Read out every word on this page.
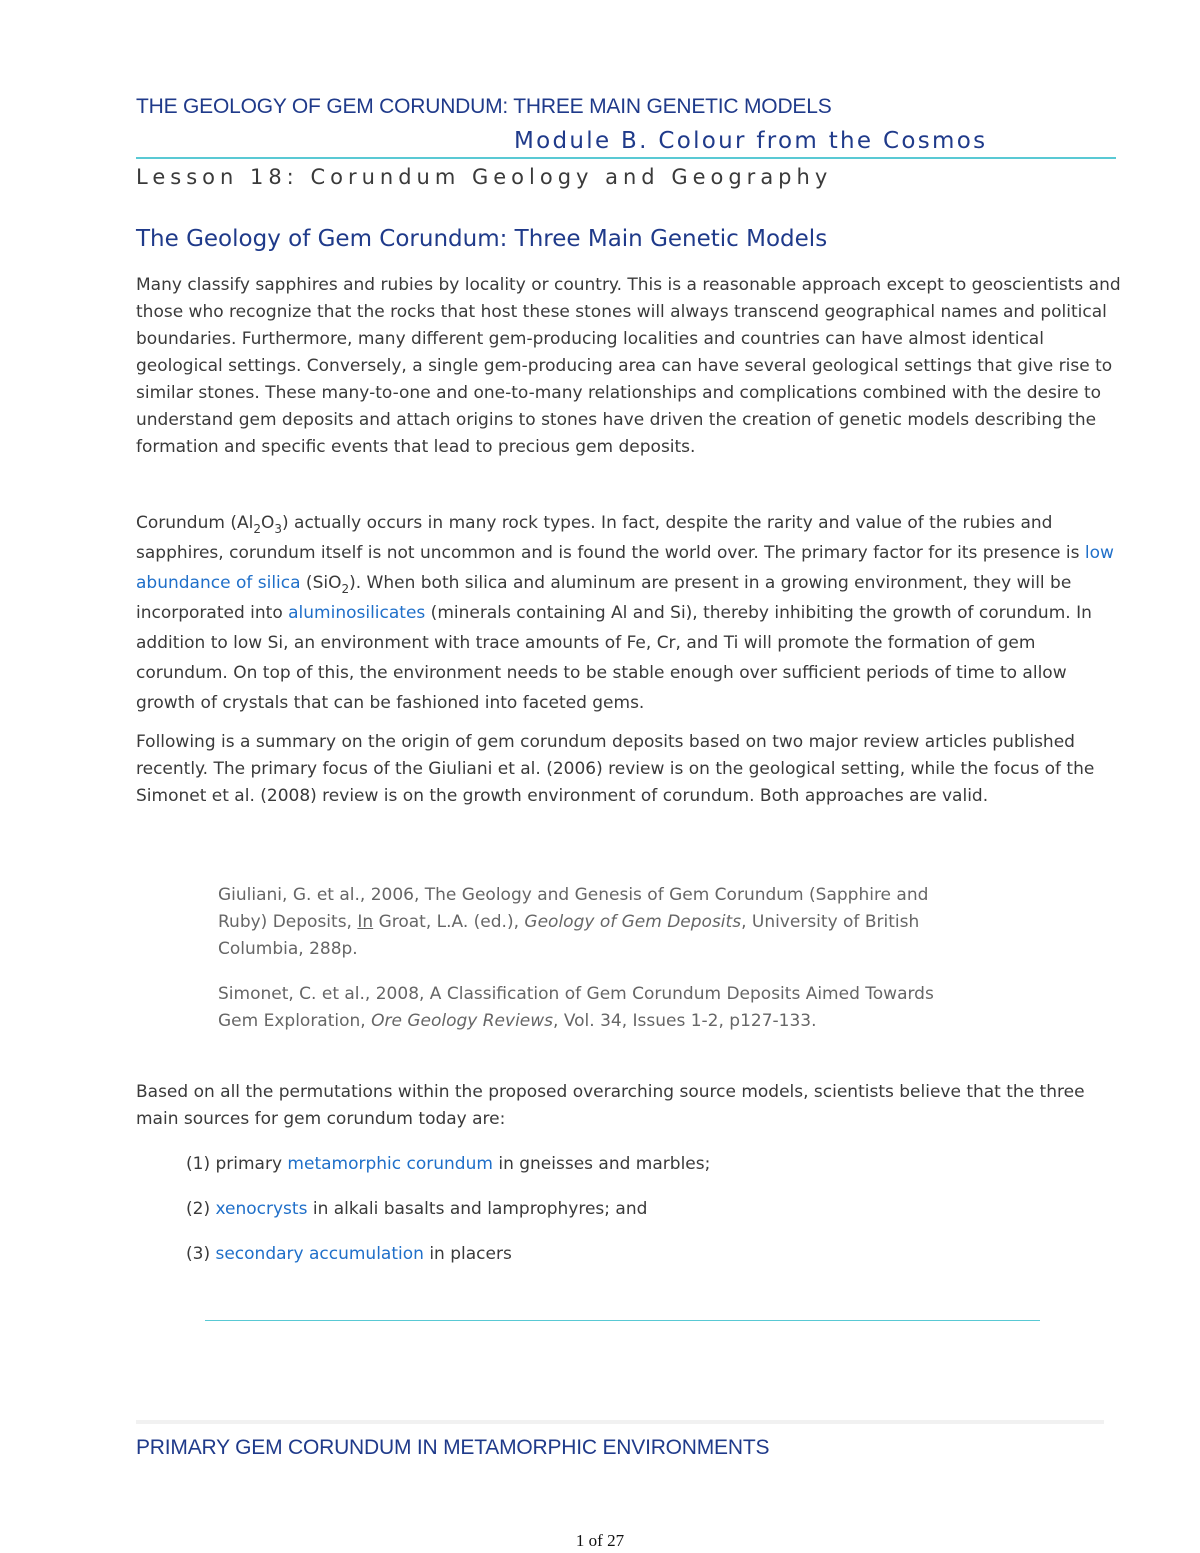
THE GEOLOGY OF GEM CORUNDUM: THREE MAIN GENETIC MODELS
Module B. Colour from the Cosmos
Lesson 18: Corundum Geology and Geography
The Geology of Gem Corundum: Three Main Genetic Models

Many classify sapphires and rubies by locality or country. This is a reasonable approach except to geoscientists and those who recognize that the rocks that host these stones will always transcend geographical names and political boundaries. Furthermore, many different gem-producing localities and countries can have almost identical geological settings. Conversely, a single gem-producing area can have several geological settings that give rise to similar stones. These many-to-one and one-to-many relationships and complications combined with the desire to understand gem deposits and attach origins to stones have driven the creation of genetic models describing the formation and specific events that lead to precious gem deposits.

Corundum $(Al_2O_3)$ actually occurs in many rock types. In fact, despite the rarity and value of the rubies and sapphires, corundum itself is not uncommon and is found the world over. The primary factor for its presence is low abundance of silica (SiO$_2$). When both silica and aluminum are present in a growing environment, they will be incorporated into aluminosilicates (minerals containing Al and Si), thereby inhibiting the growth of corundum. In addition to low Si, an environment with trace amounts of Fe, Cr, and Ti will promote the formation of gem corundum. On top of this, the environment needs to be stable enough over sufficient periods of time to allow growth of crystals that can be fashioned into faceted gems.

Following is a summary on the origin of gem corundum deposits based on two major review articles published recently. The primary focus of the Giuliani et al. (2006) review is on the geological setting, while the focus of the Simonet et al. (2008) review is on the growth environment of corundum. Both approaches are valid.

Giuliani, G. et al., 2006, The Geology and Genesis of Gem Corundum (Sapphire and Ruby) Deposits, In Groat, L.A. (ed.), Geology of Gem Deposits, University of British Columbia, 288p.

Simonet, C. et al., 2008, A Classification of Gem Corundum Deposits Aimed Towards Gem Exploration, Ore Geology Reviews, Vol. 34, Issues 1-2, p127-133.

Based on all the permutations within the proposed overarching source models, scientists believe that the three main sources for gem corundum today are:

(1) primary metamorphic corundum in gneisses and marbles;
(2) xenocrysts in alkali basalts and lamprophyres; and
(3) secondary accumulation in placers
PRIMARY GEM CORUNDUM IN METAMORPHIC ENVIRONMENTS
1 of 27
